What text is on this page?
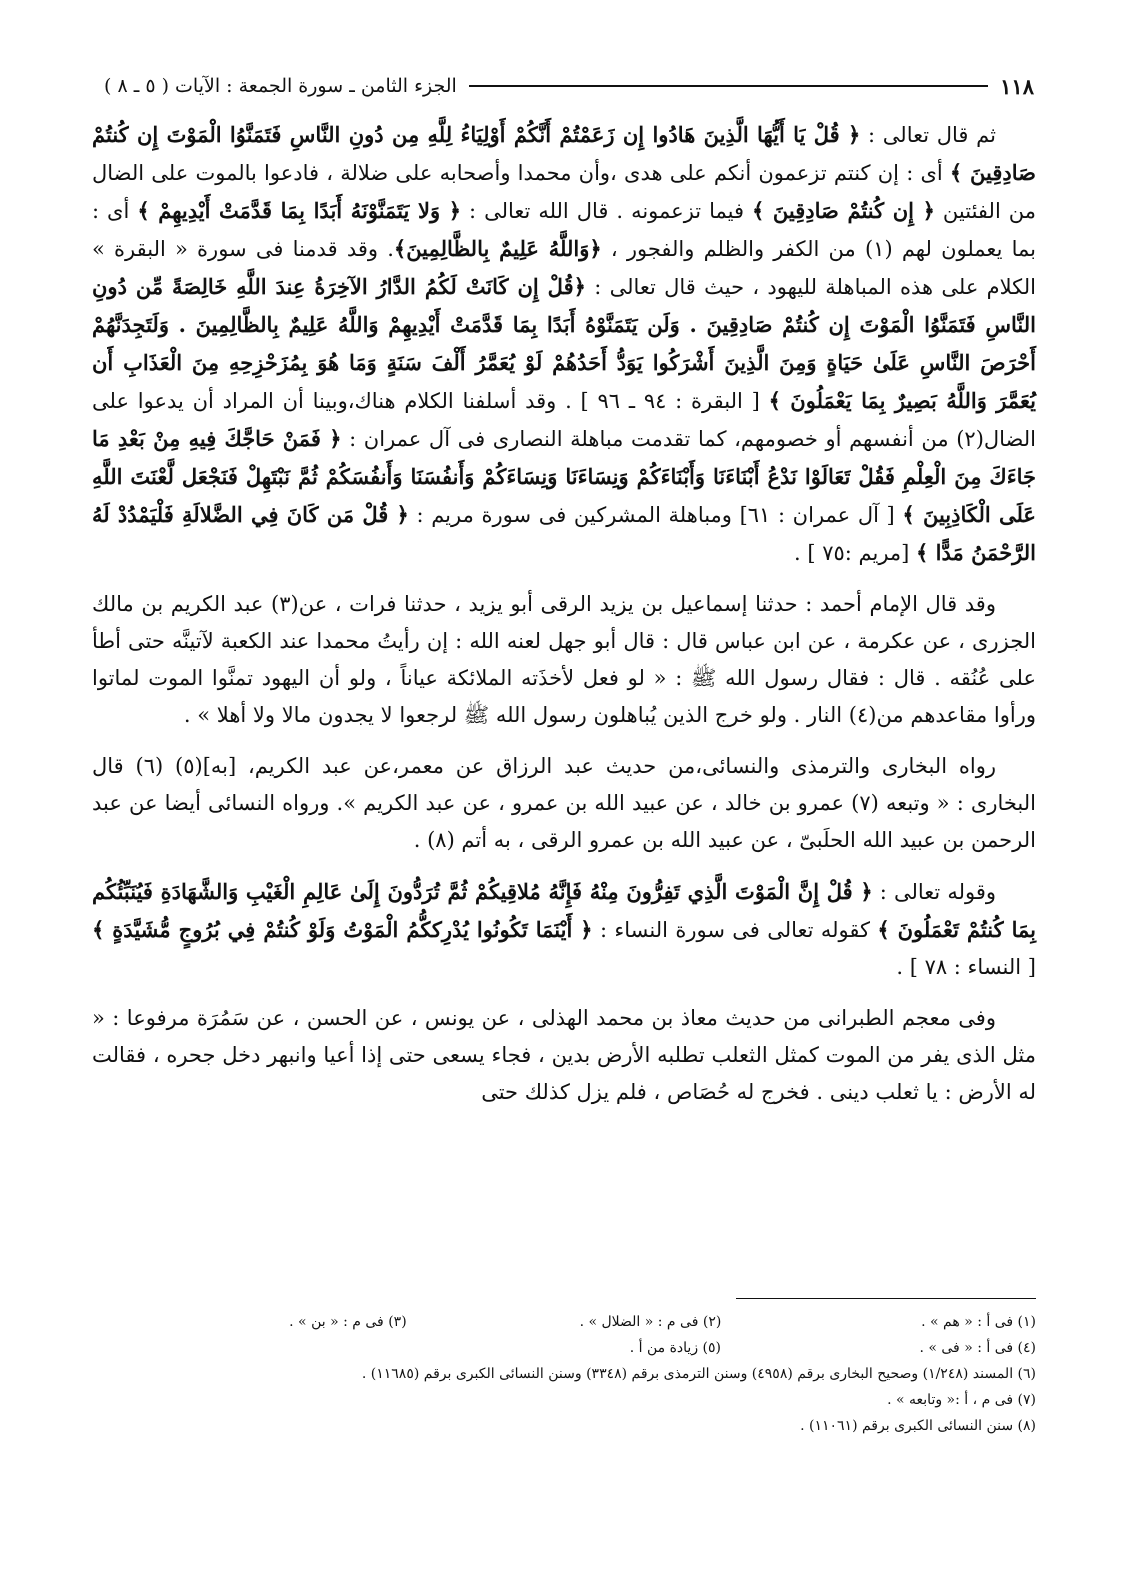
١١٨
الجزء الثامن ـ سورة الجمعة : الآيات ( ٥ ـ ٨ )

ثم قال تعالى : ﴿ قُلْ يَا أَيُّهَا الَّذِينَ هَادُوا إِن زَعَمْتُمْ أَنَّكُمْ أَوْلِيَاءُ لِلَّهِ مِن دُونِ النَّاسِ فَتَمَنَّوُا الْمَوْتَ إِن كُنتُمْ صَادِقِينَ ﴾ أى : إن كنتم تزعمون أنكم على هدى ،وأن محمدا وأصحابه على ضلالة ، فادعوا بالموت على الضال من الفئتين ﴿ إِن كُنتُمْ صَادِقِينَ ﴾ فيما تزعمونه . قال الله تعالى : ﴿ وَلا يَتَمَنَّوْنَهُ أَبَدًا بِمَا قَدَّمَتْ أَيْدِيهِمْ ﴾ أى : بما يعملون لهم (١) من الكفر والظلم والفجور ، ﴿وَاللَّهُ عَلِيمٌ بِالظَّالِمِينَ﴾. وقد قدمنا فى سورة « البقرة » الكلام على هذه المباهلة لليهود ، حيث قال تعالى : ﴿قُلْ إِن كَانَتْ لَكُمُ الدَّارُ الآخِرَةُ عِندَ اللَّهِ خَالِصَةً مِّن دُونِ النَّاسِ فَتَمَنَّوُا الْمَوْتَ إِن كُنتُمْ صَادِقِينَ . وَلَن يَتَمَنَّوْهُ أَبَدًا بِمَا قَدَّمَتْ أَيْدِيهِمْ وَاللَّهُ عَلِيمٌ بِالظَّالِمِينَ . وَلَتَجِدَنَّهُمْ أَحْرَصَ النَّاسِ عَلَىٰ حَيَاةٍ وَمِنَ الَّذِينَ أَشْرَكُوا يَوَدُّ أَحَدُهُمْ لَوْ يُعَمَّرُ أَلْفَ سَنَةٍ وَمَا هُوَ بِمُزَحْزِحِهِ مِنَ الْعَذَابِ أَن يُعَمَّرَ وَاللَّهُ بَصِيرٌ بِمَا يَعْمَلُونَ ﴾ [ البقرة : ٩٤ ـ ٩٦ ] . وقد أسلفنا الكلام هناك،وبينا أن المراد أن يدعوا على الضال(٢) من أنفسهم أو خصومهم، كما تقدمت مباهلة النصارى فى آل عمران : ﴿ فَمَنْ حَاجَّكَ فِيهِ مِنْ بَعْدِ مَا جَاءَكَ مِنَ الْعِلْمِ فَقُلْ تَعَالَوْا نَدْعُ أَبْنَاءَنَا وَأَبْنَاءَكُمْ وَنِسَاءَنَا وَنِسَاءَكُمْ وَأَنفُسَنَا وَأَنفُسَكُمْ ثُمَّ نَبْتَهِلْ فَنَجْعَل لَّعْنَتَ اللَّهِ عَلَى الْكَاذِبِينَ ﴾ [ آل عمران : ٦١] ومباهلة المشركين فى سورة مريم : ﴿ قُلْ مَن كَانَ فِي الضَّلالَةِ فَلْيَمْدُدْ لَهُ الرَّحْمَنُ مَدًّا ﴾ [مريم :٧٥ ] .

وقد قال الإمام أحمد : حدثنا إسماعيل بن يزيد الرقى أبو يزيد ، حدثنا فرات ، عن(٣) عبد الكريم بن مالك الجزرى ، عن عكرمة ، عن ابن عباس قال : قال أبو جهل لعنه الله : إن رأيتُ محمدا عند الكعبة لآتينَّه حتى أطأ على عُنُقه . قال : فقال رسول الله ﷺ : « لو فعل لأخذَته الملائكة عياناً ، ولو أن اليهود تمنَّوا الموت لماتوا ورأوا مقاعدهم من(٤) النار . ولو خرج الذين يُباهلون رسول الله ﷺ لرجعوا لا يجدون مالا ولا أهلا » .

رواه البخارى والترمذى والنسائى،من حديث عبد الرزاق عن معمر،عن عبد الكريم، [به](٥) (٦) قال البخارى : « وتبعه (٧) عمرو بن خالد ، عن عبيد الله بن عمرو ، عن عبد الكريم ». ورواه النسائى أيضا عن عبد الرحمن بن عبيد الله الحلَبىّ ، عن عبيد الله بن عمرو الرقى ، به أتم (٨) .

وقوله تعالى : ﴿ قُلْ إِنَّ الْمَوْتَ الَّذِي تَفِرُّونَ مِنْهُ فَإِنَّهُ مُلاقِيكُمْ ثُمَّ تُرَدُّونَ إِلَىٰ عَالِمِ الْغَيْبِ وَالشَّهَادَةِ فَيُنَبِّئُكُم بِمَا كُنتُمْ تَعْمَلُونَ ﴾ كقوله تعالى فى سورة النساء : ﴿ أَيْنَمَا تَكُونُوا يُدْرِككُّمُ الْمَوْتُ وَلَوْ كُنتُمْ فِي بُرُوجٍ مُّشَيَّدَةٍ ﴾ [ النساء : ٧٨ ] .

وفى معجم الطبرانى من حديث معاذ بن محمد الهذلى ، عن يونس ، عن الحسن ، عن سَمُرَة مرفوعا : « مثل الذى يفر من الموت كمثل الثعلب تطلبه الأرض بدين ، فجاء يسعى حتى إذا أعيا وانبهر دخل جحره ، فقالت له الأرض : يا ثعلب دينى . فخرج له حُصَاص ، فلم يزل كذلك حتى

(١) فى أ : « هم » .
(٢) فى م : « الضلال » .
(٣) فى م : « بن » .
(٤) فى أ : « فى » .
(٥) زيادة من أ .
(٦) المسند (١/٢٤٨) وصحيح البخارى برقم (٤٩٥٨) وسنن الترمذى برقم (٣٣٤٨) وسنن النسائى الكبرى برقم (١١٦٨٥) .
(٧) فى م ، أ :« وتابعه » .
(٨) سنن النسائى الكبرى برقم (١١٠٦١) .
